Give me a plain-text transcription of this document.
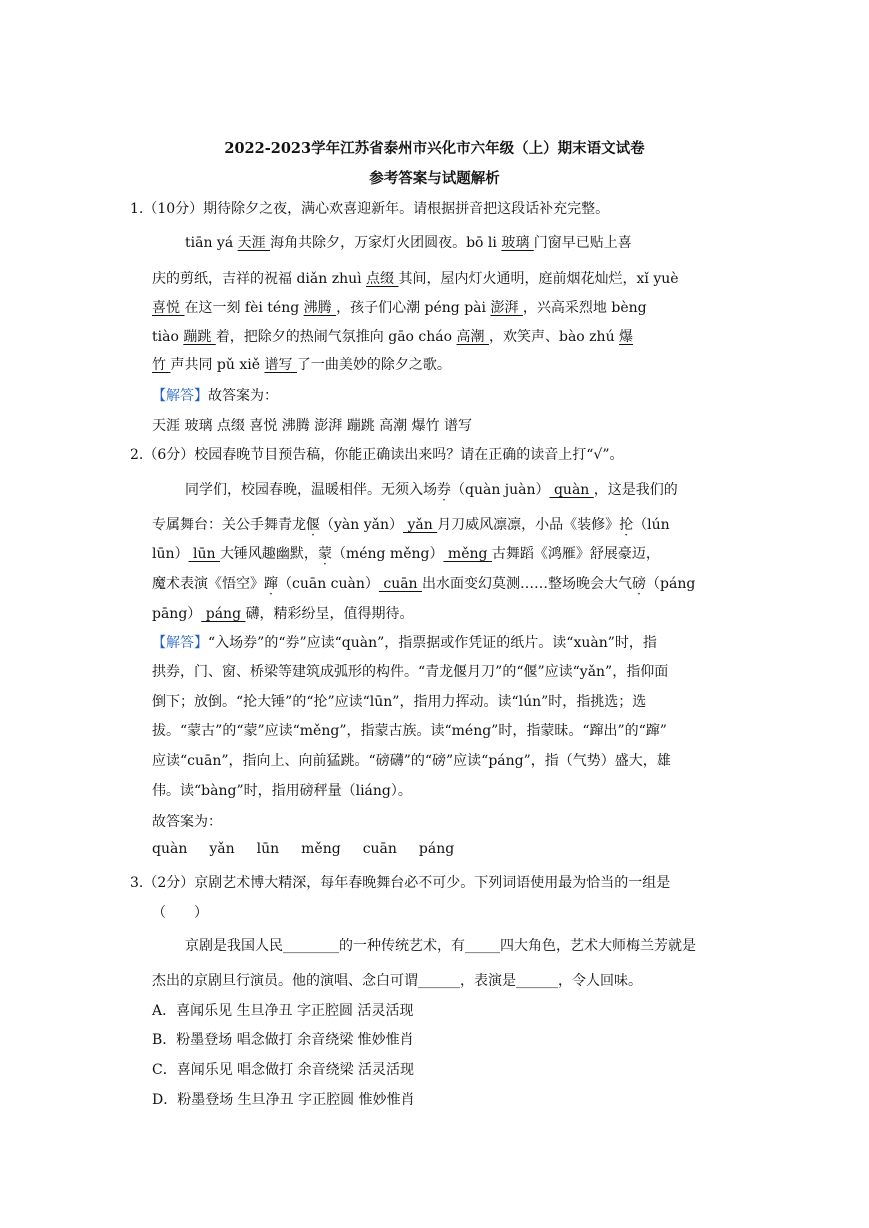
2022-2023学年江苏省泰州市兴化市六年级（上）期末语文试卷
参考答案与试题解析
1.（10分）期待除夕之夜，满心欢喜迎新年。请根据拼音把这段话补充完整。
tiān yá 天涯 海角共除夕，万家灯火团圆夜。bō li 玻璃 门窗早已贴上喜
庆的剪纸，吉祥的祝福 diǎn zhuì 点缀 其间，屋内灯火通明，庭前烟花灿烂，xǐ yuè
喜悦 在这一刻 fèi téng 沸腾 ，孩子们心潮 péng pài 澎湃 ，兴高采烈地 bèng
tiào 蹦跳 着，把除夕的热闹气氛推向 gāo cháo 高潮 ，欢笑声、bào zhú 爆
竹 声共同 pǔ xiě 谱写 了一曲美妙的除夕之歌。
【解答】故答案为：
天涯 玻璃 点缀 喜悦 沸腾 澎湃 蹦跳 高潮 爆竹 谱写
2.（6分）校园春晚节目预告稿，你能正确读出来吗？请在正确的读音上打“√”。
同学们，校园春晚，温暖相伴。无须入场券（quàn juàn） quàn ，这是我们的
专属舞台：关公手舞青龙偃（yàn yǎn） yǎn 月刀威风凛凛，小品《装修》抡（lún
lūn） lūn 大锤风趣幽默，蒙（méng měng） měng 古舞蹈《鸿雁》舒展豪迈，
魔术表演《悟空》蹿（cuān cuàn） cuān 出水面变幻莫测……整场晚会大气磅（páng
pāng） páng 礴，精彩纷呈，值得期待。
【解答】“入场券”的“券”应读“quàn”，指票据或作凭证的纸片。读“xuàn”时，指
拱券，门、窗、桥梁等建筑成弧形的构件。“青龙偃月刀”的“偃”应读“yǎn”，指仰面
倒下；放倒。“抡大锤”的“抡”应读“lūn”，指用力挥动。读“lún”时，指挑选；选
拔。“蒙古”的“蒙”应读“měng”，指蒙古族。读“méng”时，指蒙昧。“蹿出”的“蹿”
应读“cuān”，指向上、向前猛跳。“磅礴”的“磅”应读“páng”，指（气势）盛大，雄
伟。读“bàng”时，指用磅秤量（liáng）。
故答案为：
quàn yǎn lūn měng cuān páng
3.（2分）京剧艺术博大精深，每年春晚舞台必不可少。下列词语使用最为恰当的一组是
（　　）
京剧是我国人民________的一种传统艺术，有_____四大角色，艺术大师梅兰芳就是
杰出的京剧旦行演员。他的演唱、念白可谓______，表演是______，令人回味。
A．喜闻乐见 生旦净丑 字正腔圆 活灵活现
B．粉墨登场 唱念做打 余音绕梁 惟妙惟肖
C．喜闻乐见 唱念做打 余音绕梁 活灵活现
D．粉墨登场 生旦净丑 字正腔圆 惟妙惟肖
